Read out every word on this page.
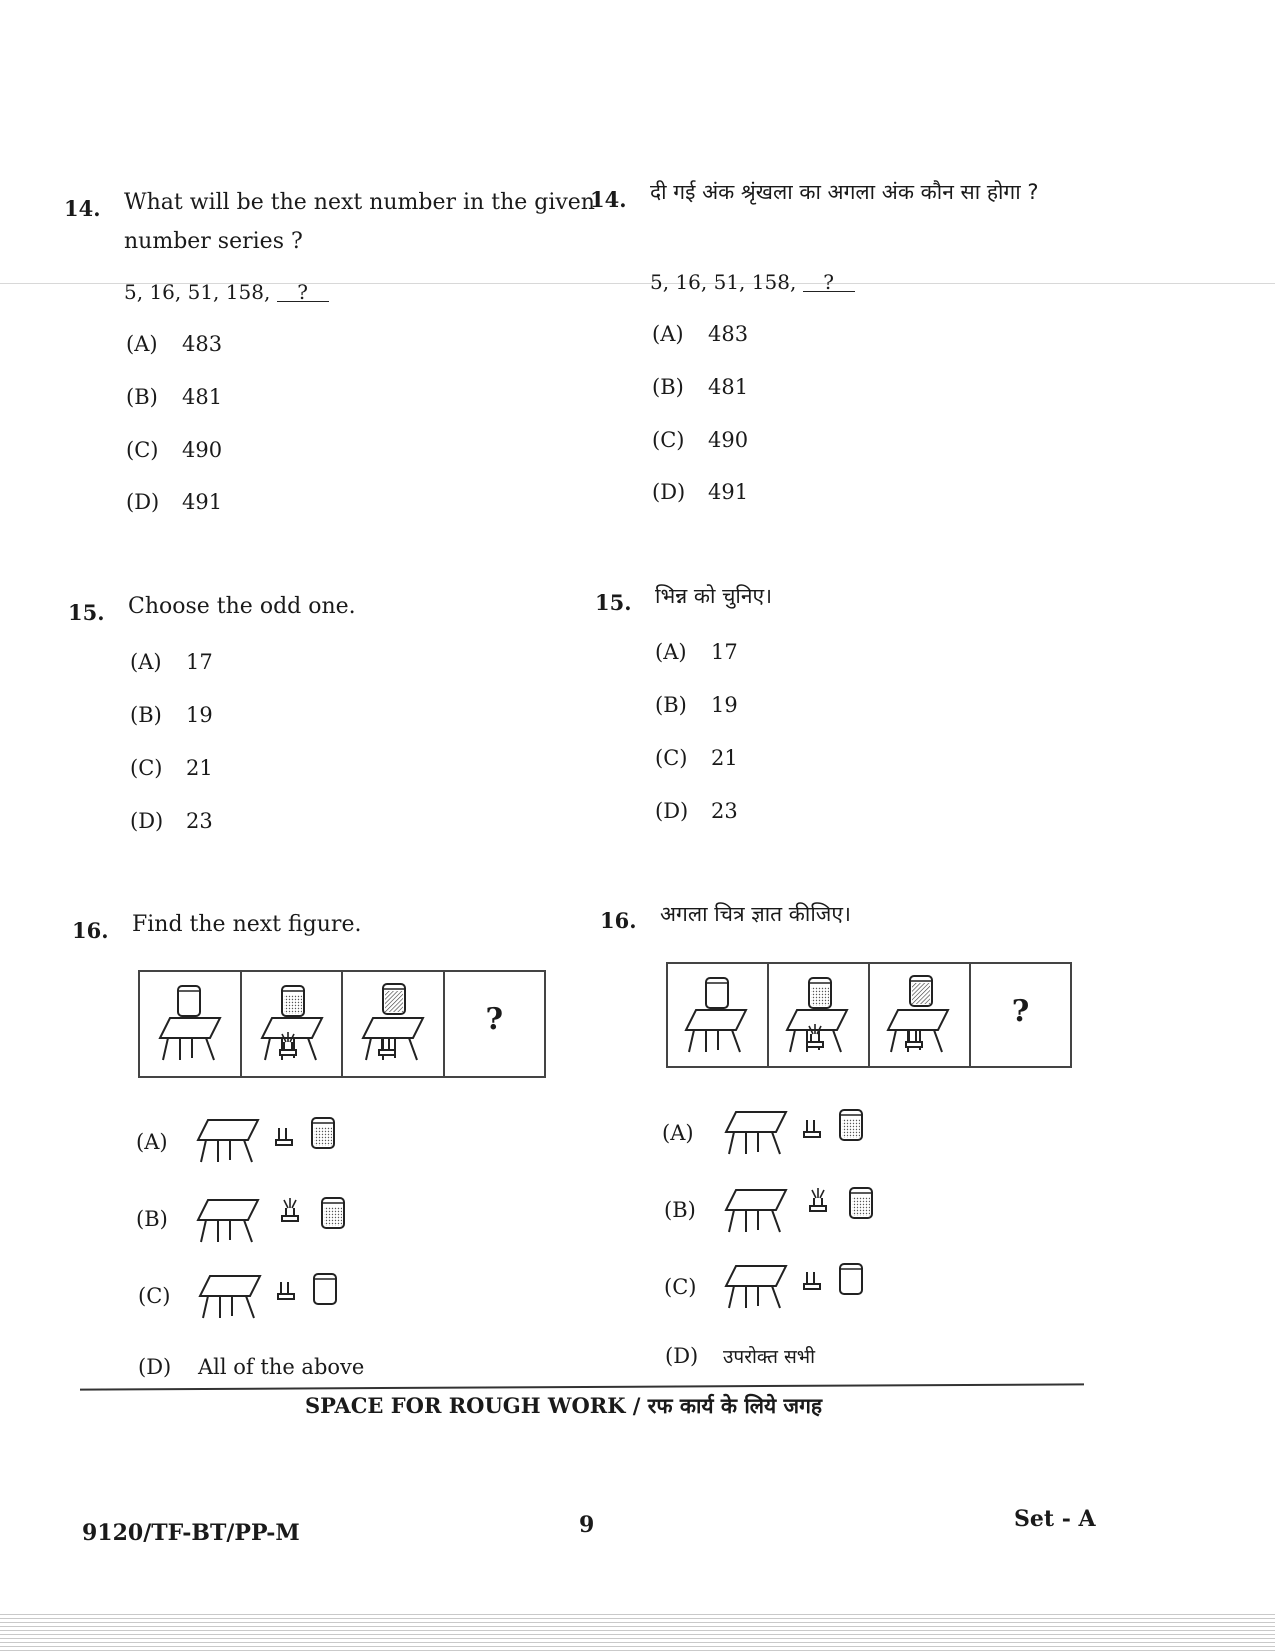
14. What will be the next number in the given
number series ?
5, 16, 51, 158, ?
(A) 483
(B) 481
(C) 490
(D) 491
15. Choose the odd one.
(A) 17
(B) 19
(C) 21
(D) 23
16. Find the next figure.
?
(A)
(B)
(C)
(D) All of the above
14. दी गई अंक श्रृंखला का अगला अंक कौन सा होगा ?
5, 16, 51, 158, ?
(A) 483
(B) 481
(C) 490
(D) 491
15. भिन्न को चुनिए।
(A) 17
(B) 19
(C) 21
(D) 23
16. अगला चित्र ज्ञात कीजिए।
?
(A)
(B)
(C)
(D) उपरोक्त सभी
SPACE FOR ROUGH WORK / रफ कार्य के लिये जगह
9120/TF-BT/PP-M	9	Set - A
